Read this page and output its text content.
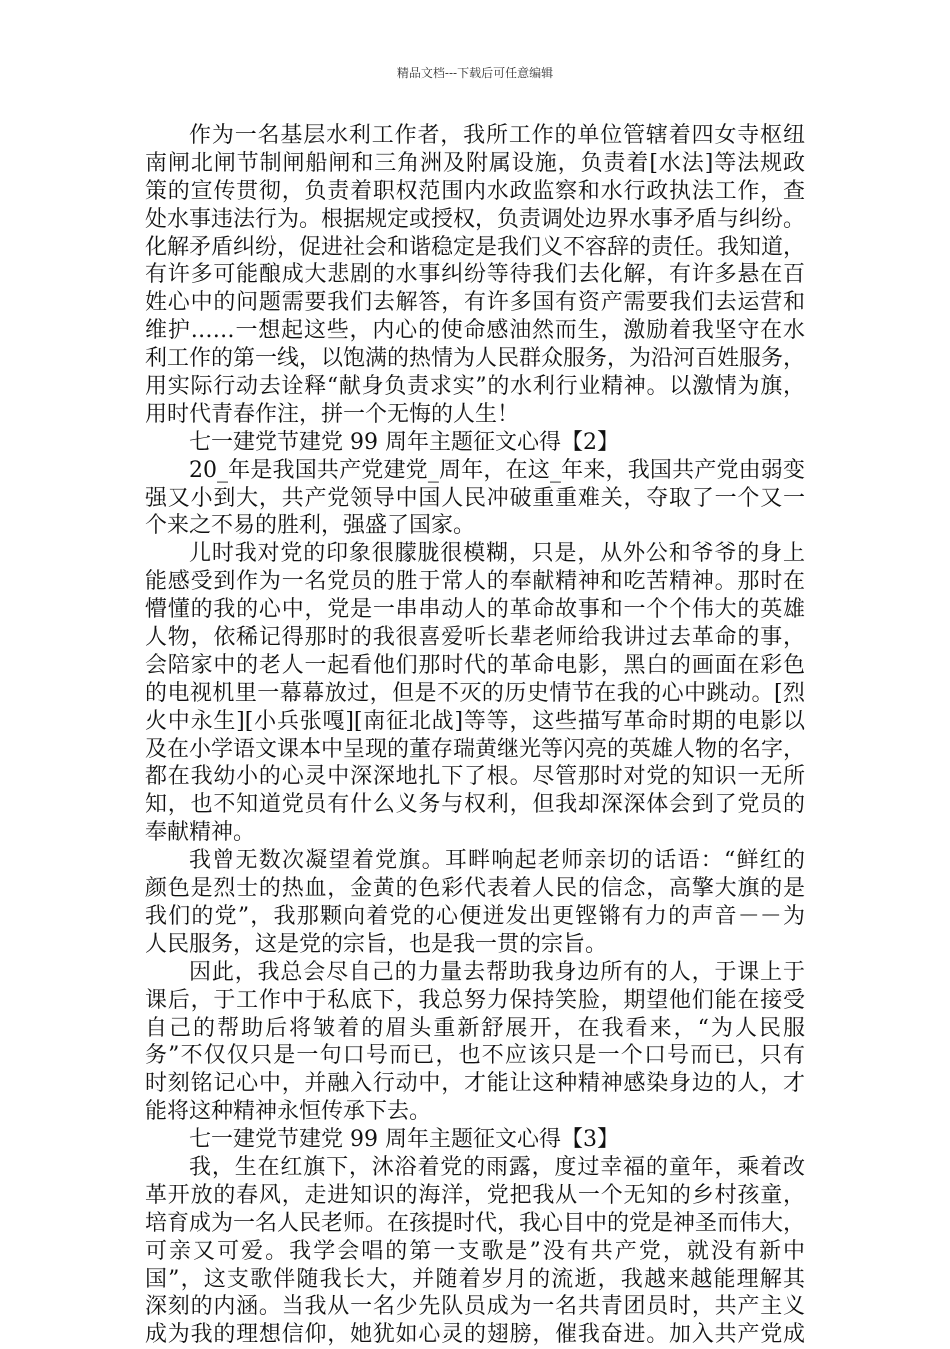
精品文档---下载后可任意编辑
作为一名基层水利工作者，我所工作的单位管辖着四女寺枢纽
南闸北闸节制闸船闸和三角洲及附属设施，负责着[水法]等法规政
策的宣传贯彻，负责着职权范围内水政监察和水行政执法工作，查
处水事违法行为。根据规定或授权，负责调处边界水事矛盾与纠纷。
化解矛盾纠纷，促进社会和谐稳定是我们义不容辞的责任。我知道，
有许多可能酿成大悲剧的水事纠纷等待我们去化解，有许多悬在百
姓心中的问题需要我们去解答，有许多国有资产需要我们去运营和
维护……一想起这些，内心的使命感油然而生，激励着我坚守在水
利工作的第一线，以饱满的热情为人民群众服务，为沿河百姓服务，
用实际行动去诠释“献身负责求实”的水利行业精神。以激情为旗，
用时代青春作注，拼一个无悔的人生！
七一建党节建党 99 周年主题征文心得【2】
20_年是我国共产党建党_周年，在这_年来，我国共产党由弱变
强又小到大，共产党领导中国人民冲破重重难关，夺取了一个又一
个来之不易的胜利，强盛了国家。
儿时我对党的印象很朦胧很模糊，只是，从外公和爷爷的身上
能感受到作为一名党员的胜于常人的奉献精神和吃苦精神。那时在
懵懂的我的心中，党是一串串动人的革命故事和一个个伟大的英雄
人物，依稀记得那时的我很喜爱听长辈老师给我讲过去革命的事，
会陪家中的老人一起看他们那时代的革命电影，黑白的画面在彩色
的电视机里一幕幕放过，但是不灭的历史情节在我的心中跳动。[烈
火中永生][小兵张嘎][南征北战]等等，这些描写革命时期的电影以
及在小学语文课本中呈现的董存瑞黄继光等闪亮的英雄人物的名字，
都在我幼小的心灵中深深地扎下了根。尽管那时对党的知识一无所
知，也不知道党员有什么义务与权利，但我却深深体会到了党员的
奉献精神。
我曾无数次凝望着党旗。耳畔响起老师亲切的话语：“鲜红的
颜色是烈士的热血，金黄的色彩代表着人民的信念，高擎大旗的是
我们的党”，我那颗向着党的心便迸发出更铿锵有力的声音－－为
人民服务，这是党的宗旨，也是我一贯的宗旨。
因此，我总会尽自己的力量去帮助我身边所有的人，于课上于
课后，于工作中于私底下，我总努力保持笑脸，期望他们能在接受
自己的帮助后将皱着的眉头重新舒展开，在我看来，“为人民服
务”不仅仅只是一句口号而已，也不应该只是一个口号而已，只有
时刻铭记心中，并融入行动中，才能让这种精神感染身边的人，才
能将这种精神永恒传承下去。
七一建党节建党 99 周年主题征文心得【3】
我，生在红旗下，沐浴着党的雨露，度过幸福的童年，乘着改
革开放的春风，走进知识的海洋，党把我从一个无知的乡村孩童，
培育成为一名人民老师。在孩提时代，我心目中的党是神圣而伟大，
可亲又可爱。我学会唱的第一支歌是”没有共产党，就没有新中
国”，这支歌伴随我长大，并随着岁月的流逝，我越来越能理解其
深刻的内涵。当我从一名少先队员成为一名共青团员时，共产主义
成为我的理想信仰，她犹如心灵的翅膀，催我奋进。加入共产党成
